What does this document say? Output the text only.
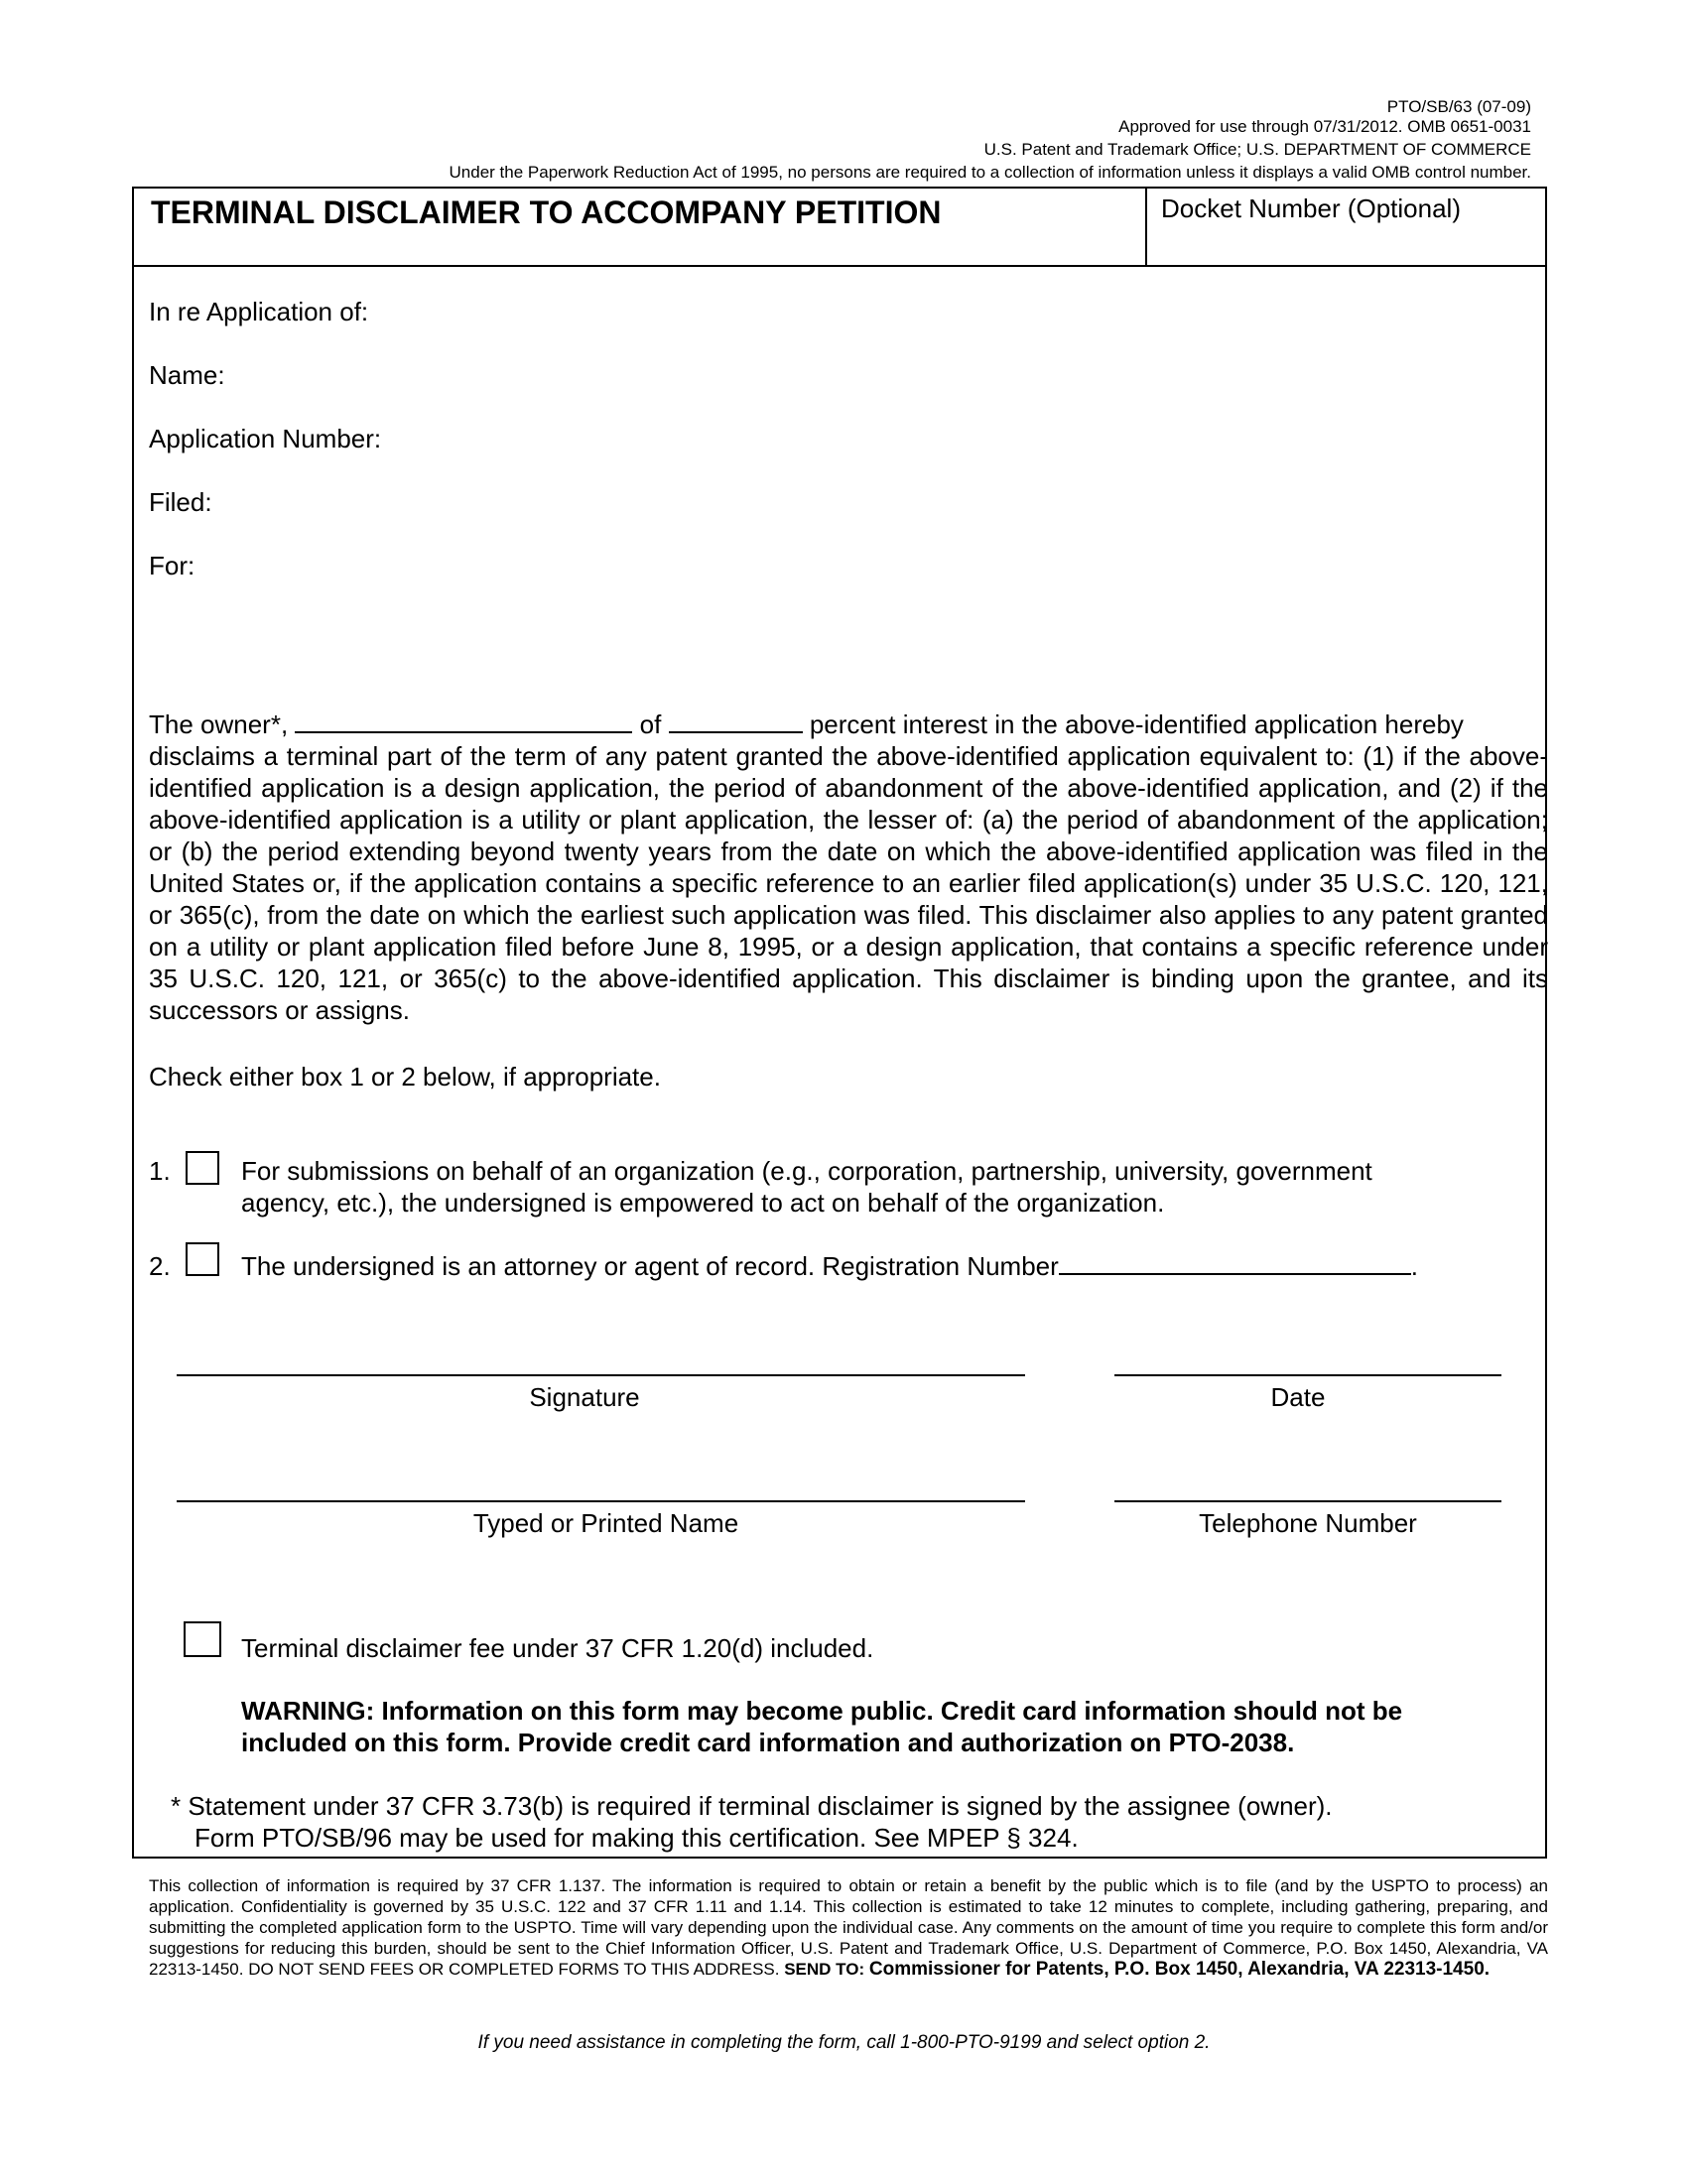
PTO/SB/63 (07-09)
Approved for use through 07/31/2012. OMB 0651-0031
U.S. Patent and Trademark Office; U.S. DEPARTMENT OF COMMERCE
Under the Paperwork Reduction Act of 1995, no persons are required to a collection of information unless it displays a valid OMB control number.
TERMINAL DISCLAIMER TO ACCOMPANY PETITION	Docket Number (Optional)
In re Application of:
Name:
Application Number:
Filed:
For:
The owner*,	of	percent interest in the above-identified application hereby
disclaims a terminal part of the term of any patent granted the above-identified application equivalent to: (1) if the above-identified application is a design application, the period of abandonment of the above-identified application, and (2) if the above-identified application is a utility or plant application, the lesser of: (a) the period of abandonment of the application; or (b) the period extending beyond twenty years from the date on which the above-identified application was filed in the United States or, if the application contains a specific reference to an earlier filed application(s) under 35 U.S.C. 120, 121, or 365(c), from the date on which the earliest such application was filed. This disclaimer also applies to any patent granted on a utility or plant application filed before June 8, 1995, or a design application, that contains a specific reference under 35 U.S.C. 120, 121, or 365(c) to the above-identified application. This disclaimer is binding upon the grantee, and its successors or assigns.
Check either box 1 or 2 below, if appropriate.
1.	For submissions on behalf of an organization (e.g., corporation, partnership, university, government
agency, etc.), the undersigned is empowered to act on behalf of the organization.
2.	The undersigned is an attorney or agent of record. Registration Number	.
Signature	Date
Typed or Printed Name	Telephone Number
Terminal disclaimer fee under 37 CFR 1.20(d) included.
WARNING: Information on this form may become public. Credit card information should not be
included on this form. Provide credit card information and authorization on PTO-2038.
* Statement under 37 CFR 3.73(b) is required if terminal disclaimer is signed by the assignee (owner).
Form PTO/SB/96 may be used for making this certification. See MPEP § 324.
This collection of information is required by 37 CFR 1.137. The information is required to obtain or retain a benefit by the public which is to file (and by the USPTO to process) an application. Confidentiality is governed by 35 U.S.C. 122 and 37 CFR 1.11 and 1.14. This collection is estimated to take 12 minutes to complete, including gathering, preparing, and submitting the completed application form to the USPTO. Time will vary depending upon the individual case. Any comments on the amount of time you require to complete this form and/or suggestions for reducing this burden, should be sent to the Chief Information Officer, U.S. Patent and Trademark Office, U.S. Department of Commerce, P.O. Box 1450, Alexandria, VA 22313-1450. DO NOT SEND FEES OR COMPLETED FORMS TO THIS ADDRESS. SEND TO: Commissioner for Patents, P.O. Box 1450, Alexandria, VA 22313-1450.
If you need assistance in completing the form, call 1-800-PTO-9199 and select option 2.
